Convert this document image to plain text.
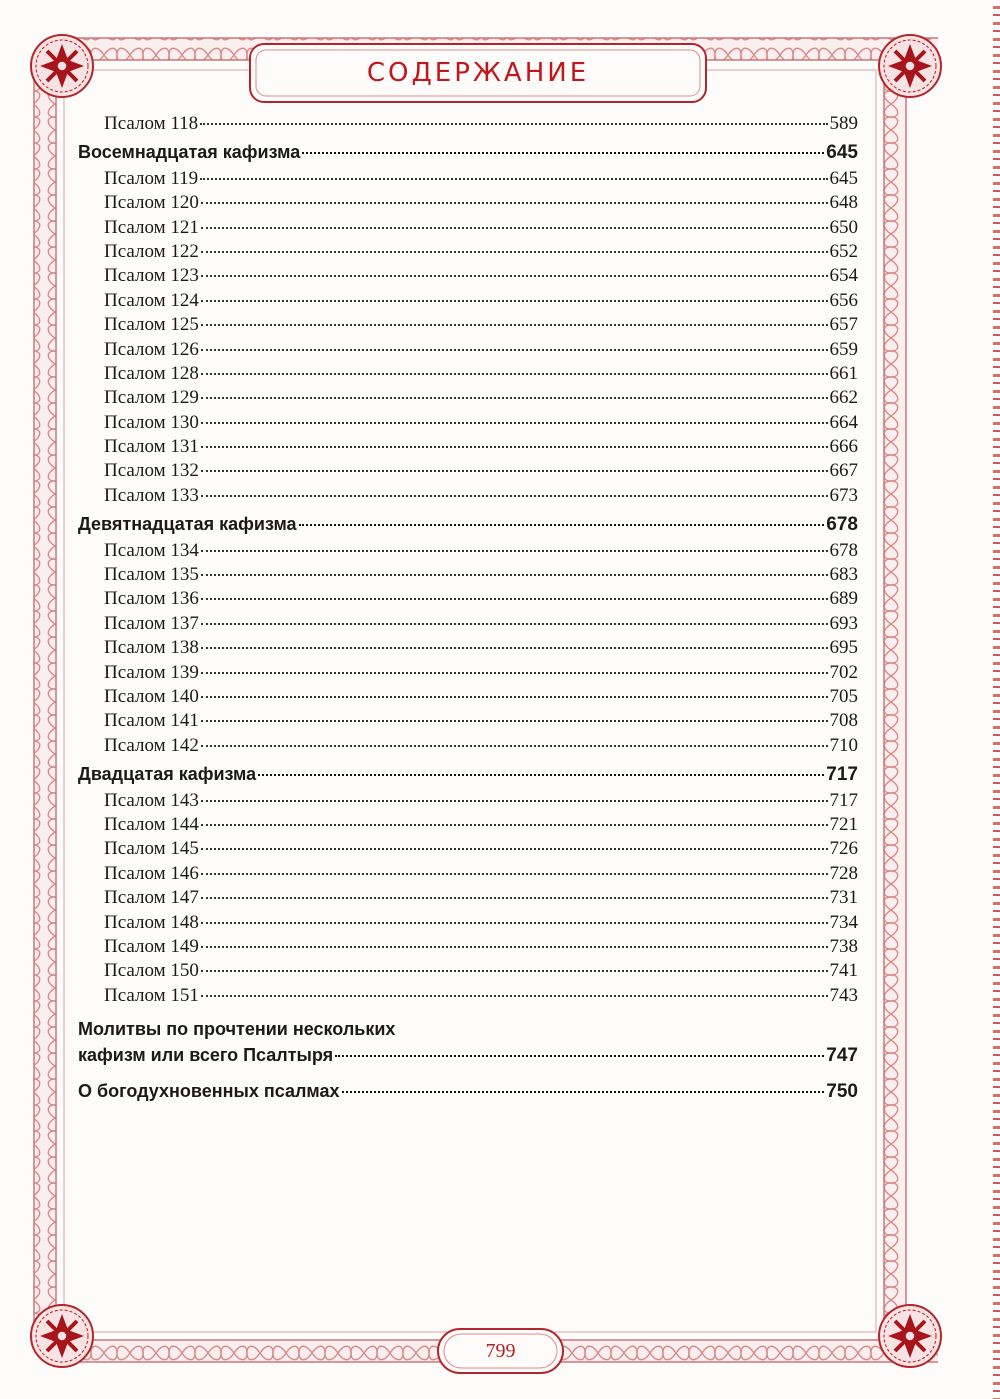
СОДЕРЖАНИЕ
799
Псалом 118	589
Восемнадцатая кафизма	645
Псалом 119	645
Псалом 120	648
Псалом 121	650
Псалом 122	652
Псалом 123	654
Псалом 124	656
Псалом 125	657
Псалом 126	659
Псалом 128	661
Псалом 129	662
Псалом 130	664
Псалом 131	666
Псалом 132	667
Псалом 133	673
Девятнадцатая кафизма	678
Псалом 134	678
Псалом 135	683
Псалом 136	689
Псалом 137	693
Псалом 138	695
Псалом 139	702
Псалом 140	705
Псалом 141	708
Псалом 142	710
Двадцатая кафизма	717
Псалом 143	717
Псалом 144	721
Псалом 145	726
Псалом 146	728
Псалом 147	731
Псалом 148	734
Псалом 149	738
Псалом 150	741
Псалом 151	743
Молитвы по прочтении нескольких
кафизм или всего Псалтыря	747
О богодухновенных псалмах	750
